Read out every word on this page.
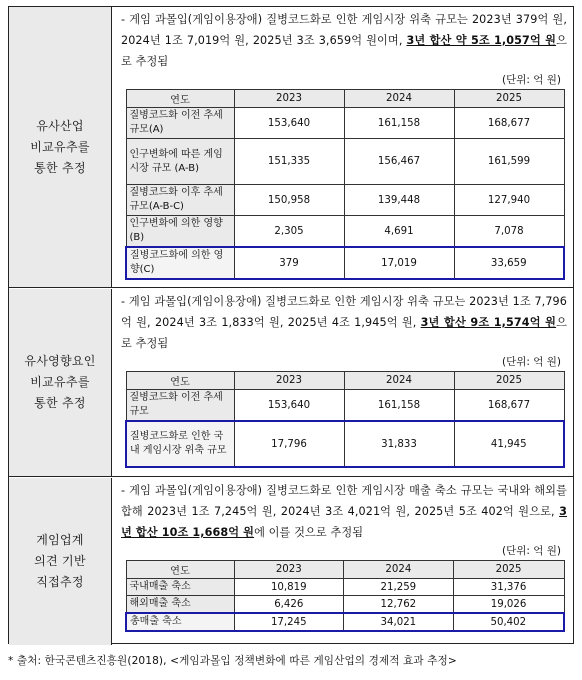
유사산업
비교유추를
통한 추정
- 게임 과몰입(게임이용장애) 질병코드화로 인한 게임시장 위축 규모는 2023년 379억 원, 2024년 1조 7,019억 원, 2025년 3조 3,659억 원이며, 3년 합산 약 5조 1,057억 원으로 추정됨
(단위: 억 원)
연도	2023	2024	2025
질병코드화 이전 추세 규모(A)	153,640	161,158	168,677
인구변화에 따른 게임시장 규모 (A-B)	151,335	156,467	161,599
질병코드화 이후 추세 규모(A-B-C)	150,958	139,448	127,940
인구변화에 의한 영향(B)	2,305	4,691	7,078
질병코드화에 의한 영향(C)	379	17,019	33,659
유사영향요인
비교유추를
통한 추정
- 게임 과몰입(게임이용장애) 질병코드화로 인한 게임시장 위축 규모는 2023년 1조 7,796억 원, 2024년 3조 1,833억 원, 2025년 4조 1,945억 원, 3년 합산 9조 1,574억 원으로 추정됨
(단위: 억 원)
연도	2023	2024	2025
질병코드화 이전 추세 규모	153,640	161,158	168,677
질병코드화로 인한 국내 게임시장 위축 규모	17,796	31,833	41,945
게임업계
의견 기반
직접추정
- 게임 과몰입(게임이용장애) 질병코드화로 인한 게임시장 매출 축소 규모는 국내와 해외를 합해 2023년 1조 7,245억 원, 2024년 3조 4,021억 원, 2025년 5조 402억 원으로, 3년 합산 10조 1,668억 원에 이를 것으로 추정됨
(단위: 억 원)
연도	2023	2024	2025
국내매출 축소	10,819	21,259	31,376
해외매출 축소	6,426	12,762	19,026
총매출 축소	17,245	34,021	50,402
* 출처: 한국콘텐츠진흥원(2018), <게임과몰입 정책변화에 따른 게임산업의 경제적 효과 추정>
